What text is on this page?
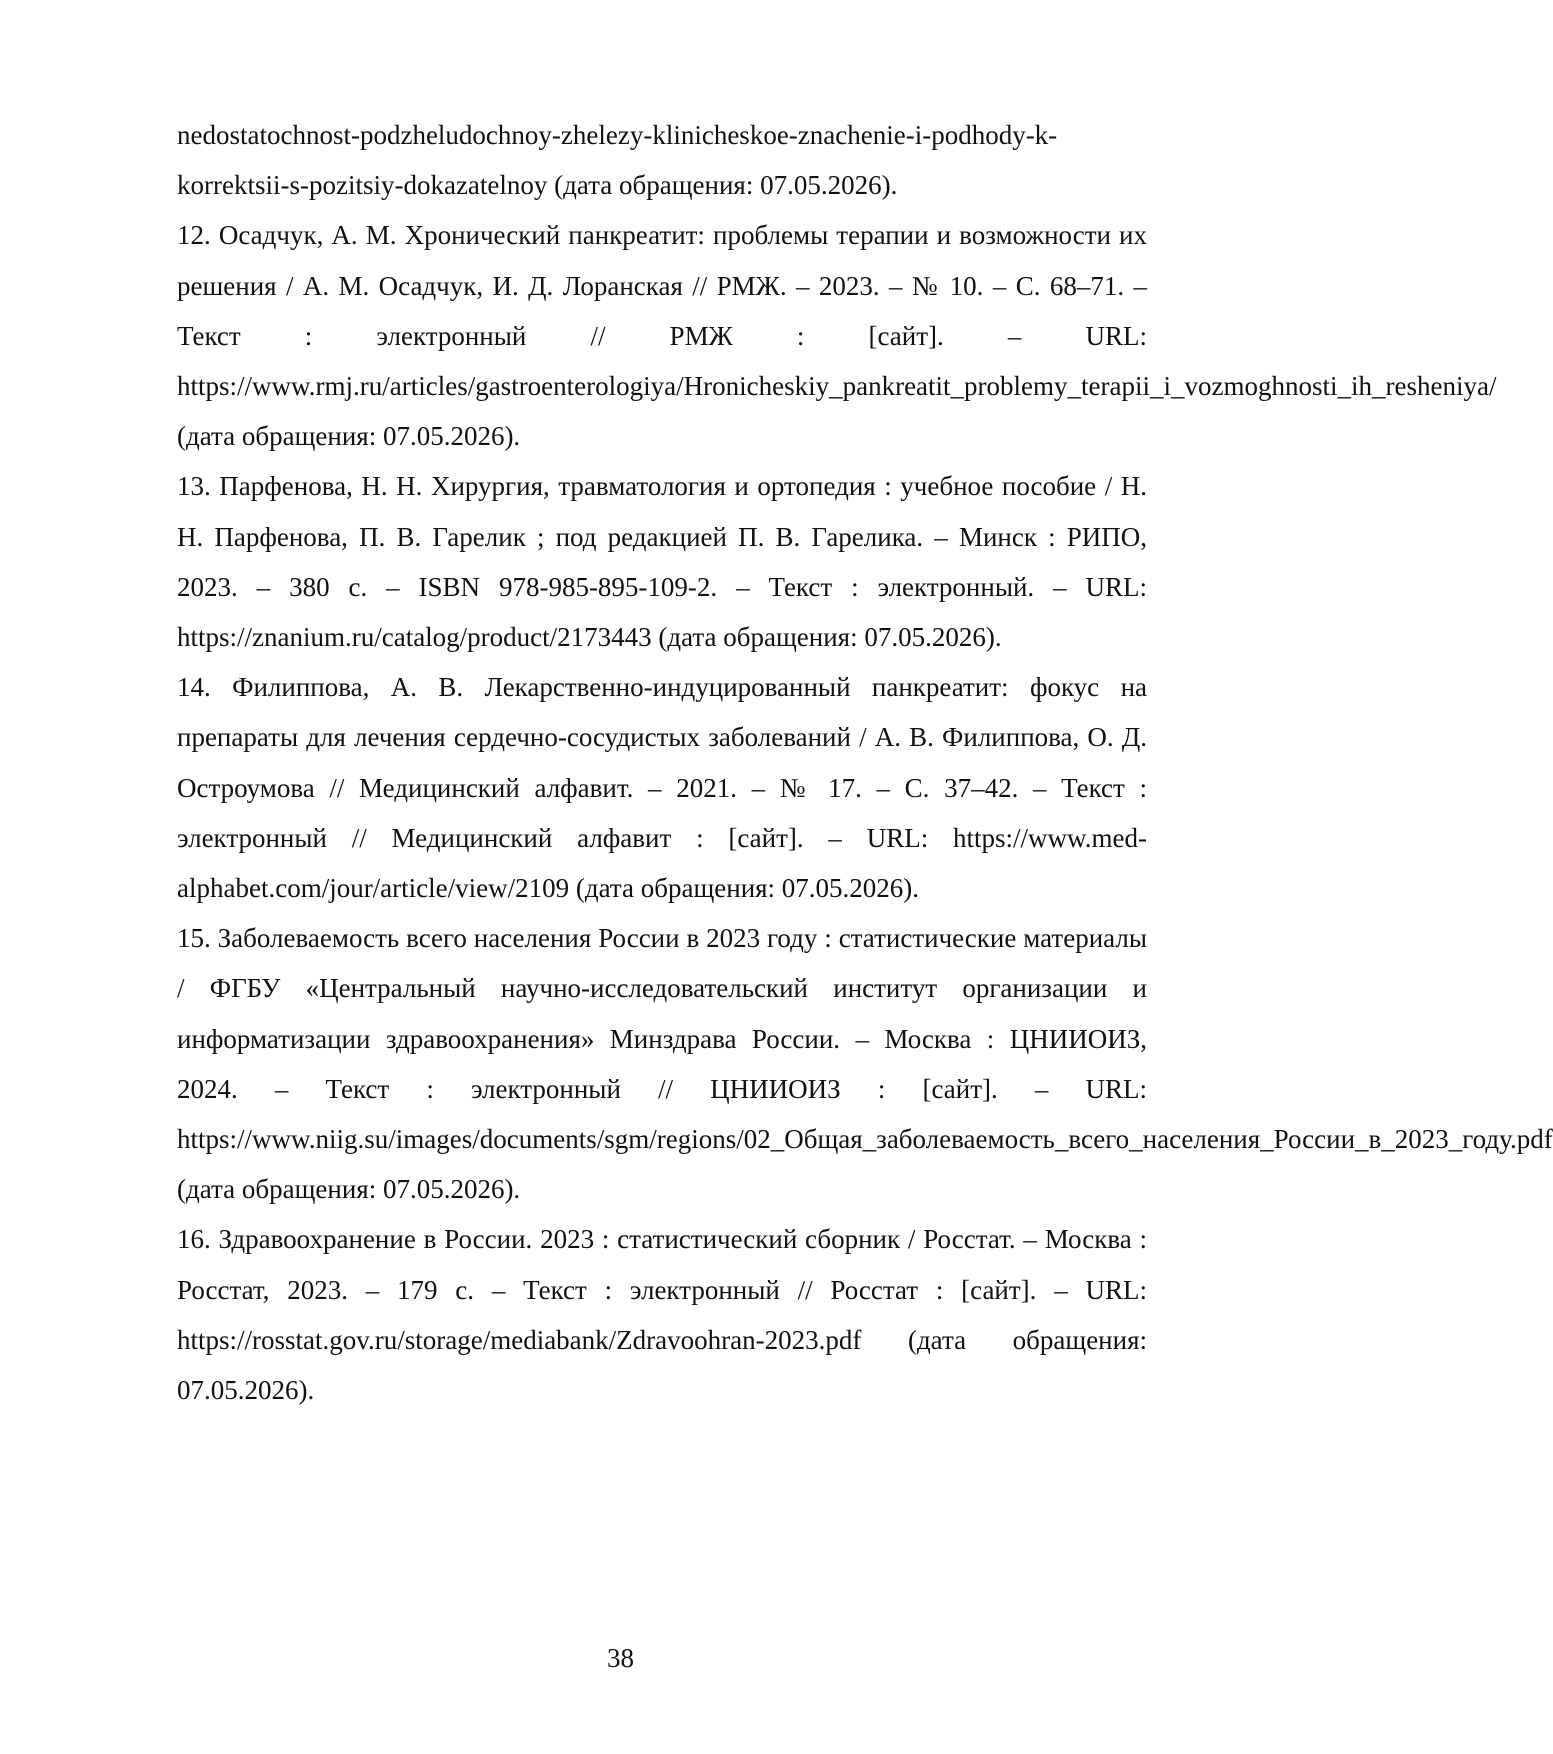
nedostatochnost-podzheludochnoy-zhelezy-klinicheskoe-znachenie-i-podhody-k-korrektsii-s-pozitsiy-dokazatelnoy (дата обращения: 07.05.2026).

12. Осадчук, А. М. Хронический панкреатит: проблемы терапии и возможности их решения / А. М. Осадчук, И. Д. Лоранская // РМЖ. – 2023. – № 10. – С. 68–71. – Текст : электронный // РМЖ : [сайт]. – URL: https://www.rmj.ru/articles/gastroenterologiya/Hronicheskiy_pankreatit_problemy_terapii_i_vozmoghnosti_ih_resheniya/ (дата обращения: 07.05.2026).

13. Парфенова, Н. Н. Хирургия, травматология и ортопедия : учебное пособие / Н. Н. Парфенова, П. В. Гарелик ; под редакцией П. В. Гарелика. – Минск : РИПО, 2023. – 380 с. – ISBN 978-985-895-109-2. – Текст : электронный. – URL: https://znanium.ru/catalog/product/2173443 (дата обращения: 07.05.2026).

14. Филиппова, А. В. Лекарственно-индуцированный панкреатит: фокус на препараты для лечения сердечно-сосудистых заболеваний / А. В. Филиппова, О. Д. Остроумова // Медицинский алфавит. – 2021. – № 17. – С. 37–42. – Текст : электронный // Медицинский алфавит : [сайт]. – URL: https://www.med-alphabet.com/jour/article/view/2109 (дата обращения: 07.05.2026).

15. Заболеваемость всего населения России в 2023 году : статистические материалы / ФГБУ «Центральный научно-исследовательский институт организации и информатизации здравоохранения» Минздрава России. – Москва : ЦНИИОИЗ, 2024. – Текст : электронный // ЦНИИОИЗ : [сайт]. – URL: https://www.niig.su/images/documents/sgm/regions/02_Общая_заболеваемость_всего_населения_России_в_2023_году.pdf (дата обращения: 07.05.2026).

16. Здравоохранение в России. 2023 : статистический сборник / Росстат. – Москва : Росстат, 2023. – 179 с. – Текст : электронный // Росстат : [сайт]. – URL: https://rosstat.gov.ru/storage/mediabank/Zdravoohran-2023.pdf (дата обращения: 07.05.2026).

38
